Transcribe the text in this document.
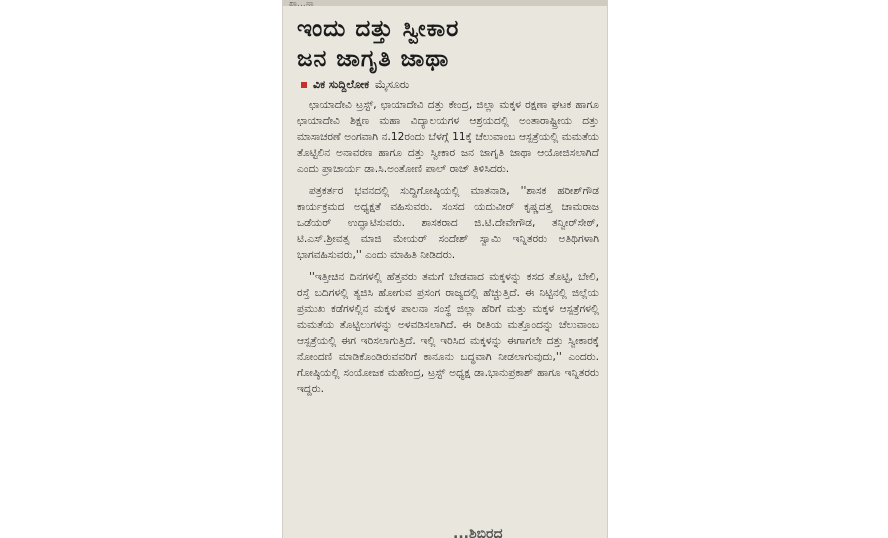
ಶಾ...ಸಾ
ಇಂದು ದತ್ತು ಸ್ವೀಕಾರ
ಜನ ಜಾಗೃತಿ ಜಾಥಾ
ವಿಕ ಸುದ್ದಿಲೋಕ ಮೈಸೂರು

ಛಾಯಾದೇವಿ ಟ್ರಸ್ಟ್, ಛಾಯಾದೇವಿ ದತ್ತು ಕೇಂದ್ರ, ಜಿಲ್ಲಾ ಮಕ್ಕಳ ರಕ್ಷಣಾ ಘಟಕ ಹಾಗೂ ಛಾಯಾದೇವಿ ಶಿಕ್ಷಣ ಮಹಾ ವಿದ್ಯಾಲಯಗಳ ಆಶ್ರಯದಲ್ಲಿ ಅಂತಾರಾಷ್ಟ್ರೀಯ ದತ್ತು ಮಾಸಾಚರಣೆ ಅಂಗವಾಗಿ ನ.12ರಂದು ಬೆಳಗ್ಗೆ 11ಕ್ಕೆ ಚೆಲುವಾಂಬ ಆಸ್ಪತ್ರೆಯಲ್ಲಿ ಮಮತೆಯ ತೊಟ್ಟಿಲಿನ ಅನಾವರಣ ಹಾಗೂ ದತ್ತು ಸ್ವೀಕಾರ ಜನ ಜಾಗೃತಿ ಜಾಥಾ ಆಯೋಜಿಸಲಾಗಿದೆ ಎಂದು ಪ್ರಾಚಾರ್ಯ ಡಾ.ಸಿ.ಅಂತೋಣಿ ಪಾಲ್ ರಾಜ್ ತಿಳಿಸಿದರು.

ಪತ್ರಕರ್ತರ ಭವನದಲ್ಲಿ ಸುದ್ದಿಗೋಷ್ಠಿಯಲ್ಲಿ ಮಾತನಾಡಿ, ''ಶಾಸಕ ಹರೀಶ್‌ಗೌಡ ಕಾರ್ಯಕ್ರಮದ ಅಧ್ಯಕ್ಷತೆ ವಹಿಸುವರು. ಸಂಸದ ಯದುವೀರ್ ಕೃಷ್ಣದತ್ತ ಚಾಮರಾಜ ಒಡೆಯರ್ ಉದ್ಘಾಟಿಸುವರು. ಶಾಸಕರಾದ ಜಿ.ಟಿ.ದೇವೇಗೌಡ, ತನ್ವೀರ್‌ಸೇಠ್, ಟಿ.ಎಸ್.ಶ್ರೀವತ್ಸ ಮಾಜಿ ಮೇಯರ್ ಸಂದೇಶ್ ಸ್ವಾಮಿ ಇನ್ನಿತರರು ಅತಿಥಿಗಳಾಗಿ ಭಾಗವಹಿಸುವರು,'' ಎಂದು ಮಾಹಿತಿ ನೀಡಿದರು.

''ಇತ್ತೀಚಿನ ದಿನಗಳಲ್ಲಿ ಹೆತ್ತವರು ತಮಗೆ ಬೇಡವಾದ ಮಕ್ಕಳನ್ನು ಕಸದ ತೊಟ್ಟಿ, ಬೇಲಿ, ರಸ್ತೆ ಬದಿಗಳಲ್ಲಿ ತ್ಯಜಿಸಿ ಹೋಗುವ ಪ್ರಸಂಗ ರಾಜ್ಯದಲ್ಲಿ ಹೆಚ್ಚುತ್ತಿದೆ. ಈ ನಿಟ್ಟಿನಲ್ಲಿ ಜಿಲ್ಲೆಯ ಪ್ರಮುಖ ಕಡೆಗಳಲ್ಲಿನ ಮಕ್ಕಳ ಪಾಲನಾ ಸಂಸ್ಥೆ ಜಿಲ್ಲಾ ಹೆರಿಗೆ ಮತ್ತು ಮಕ್ಕಳ ಆಸ್ಪತ್ರೆಗಳಲ್ಲಿ ಮಮತೆಯ ತೊಟ್ಟಿಲುಗಳನ್ನು ಅಳವಡಿಸಲಾಗಿದೆ. ಈ ರೀತಿಯ ಮತ್ತೊಂದನ್ನು ಚೆಲುವಾಂಬ ಆಸ್ಪತ್ರೆಯಲ್ಲಿ ಈಗ ಇರಿಸಲಾಗುತ್ತಿದೆ. ಇಲ್ಲಿ ಇರಿಸಿದ ಮಕ್ಕಳನ್ನು ಈಗಾಗಲೇ ದತ್ತು ಸ್ವೀಕಾರಕ್ಕೆ ನೋಂದಣಿ ಮಾಡಿಕೊಂಡಿರುವವರಿಗೆ ಕಾನೂನು ಬದ್ಧವಾಗಿ ನೀಡಲಾಗುವುದು,'' ಎಂದರು. ಗೋಷ್ಠಿಯಲ್ಲಿ ಸಂಯೋಜಕ ಮಹೇಂದ್ರ, ಟ್ರಸ್ಟ್ ಅಧ್ಯಕ್ಷ ಡಾ.ಭಾನುಪ್ರಕಾಶ್ ಹಾಗೂ ಇನ್ನಿತರರು ಇದ್ದರು.

...ಶಿಬಿರದ
